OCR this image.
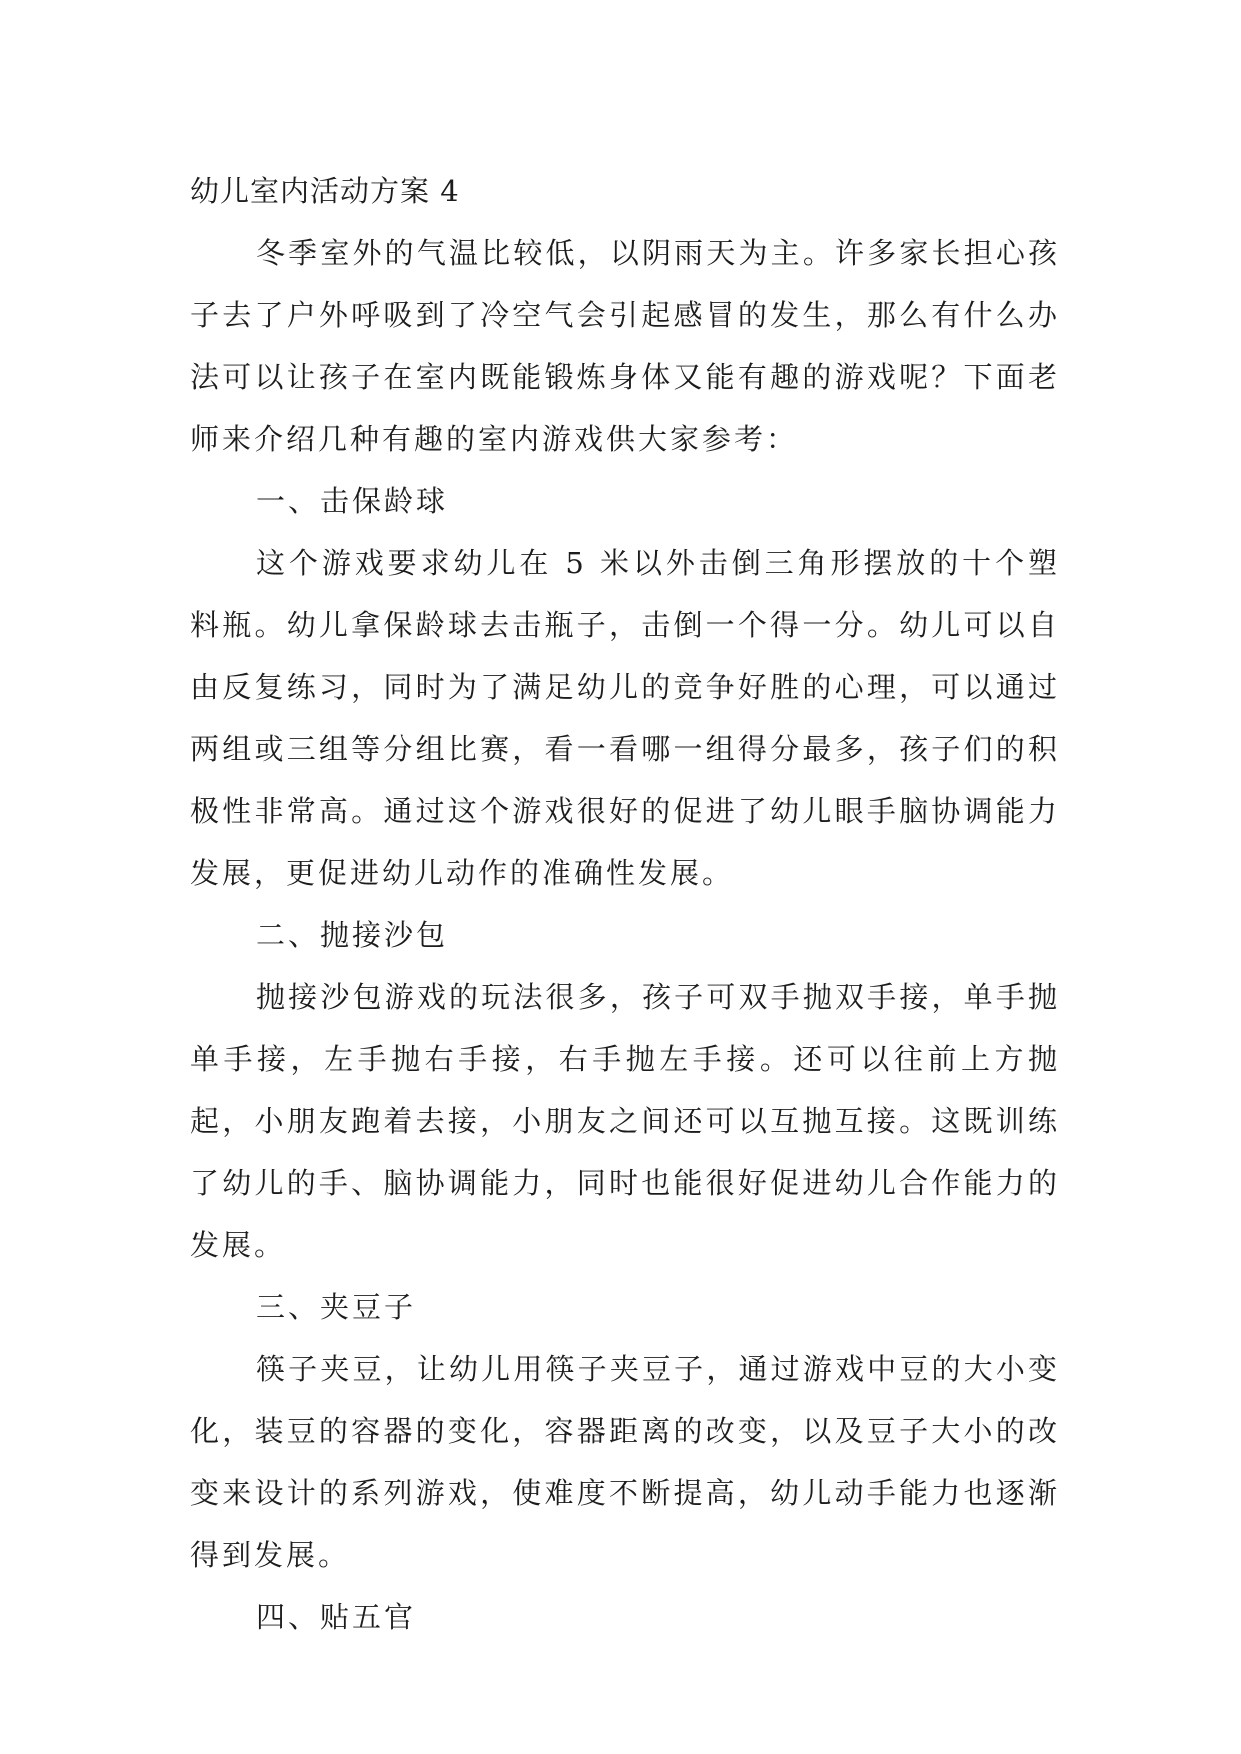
幼儿室内活动方案 4

冬季室外的气温比较低，以阴雨天为主。许多家长担心孩子去了户外呼吸到了冷空气会引起感冒的发生，那么有什么办法可以让孩子在室内既能锻炼身体又能有趣的游戏呢？下面老师来介绍几种有趣的室内游戏供大家参考：

一、击保龄球

这个游戏要求幼儿在 5 米以外击倒三角形摆放的十个塑料瓶。幼儿拿保龄球去击瓶子，击倒一个得一分。幼儿可以自由反复练习，同时为了满足幼儿的竞争好胜的心理，可以通过两组或三组等分组比赛，看一看哪一组得分最多，孩子们的积极性非常高。通过这个游戏很好的促进了幼儿眼手脑协调能力发展，更促进幼儿动作的准确性发展。

二、抛接沙包

抛接沙包游戏的玩法很多，孩子可双手抛双手接，单手抛单手接，左手抛右手接，右手抛左手接。还可以往前上方抛起，小朋友跑着去接，小朋友之间还可以互抛互接。这既训练了幼儿的手、脑协调能力，同时也能很好促进幼儿合作能力的发展。

三、夹豆子

筷子夹豆，让幼儿用筷子夹豆子，通过游戏中豆的大小变化，装豆的容器的变化，容器距离的改变，以及豆子大小的改变来设计的系列游戏，使难度不断提高，幼儿动手能力也逐渐得到发展。

四、贴五官
